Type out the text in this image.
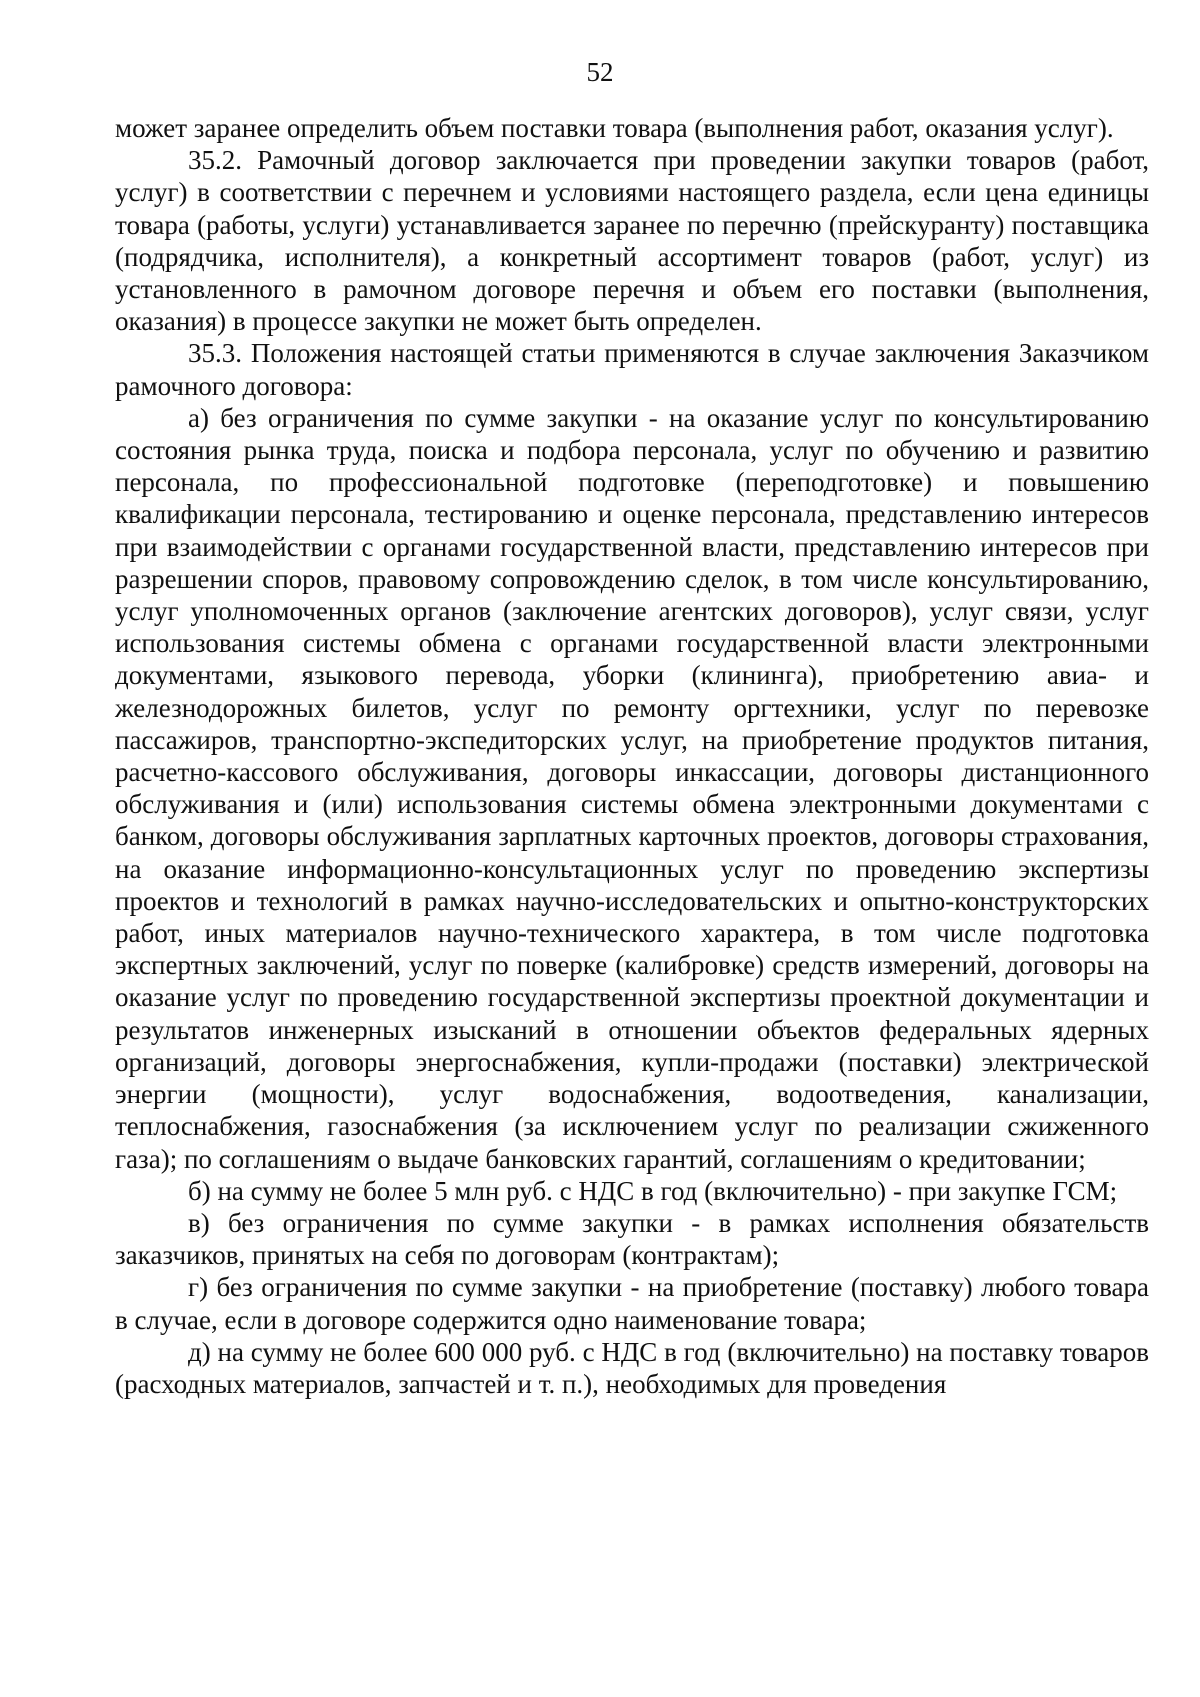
52

может заранее определить объем поставки товара (выполнения работ, оказания услуг).

35.2. Рамочный договор заключается при проведении закупки товаров (работ, услуг) в соответствии с перечнем и условиями настоящего раздела, если цена единицы товара (работы, услуги) устанавливается заранее по перечню (прейскуранту) поставщика (подрядчика, исполнителя), а конкретный ассортимент товаров (работ, услуг) из установленного в рамочном договоре перечня и объем его поставки (выполнения, оказания) в процессе закупки не может быть определен.

35.3. Положения настоящей статьи применяются в случае заключения Заказчиком рамочного договора:

а) без ограничения по сумме закупки - на оказание услуг по консультированию состояния рынка труда, поиска и подбора персонала, услуг по обучению и развитию персонала, по профессиональной подготовке (переподготовке) и повышению квалификации персонала, тестированию и оценке персонала, представлению интересов при взаимодействии с органами государственной власти, представлению интересов при разрешении споров, правовому сопровождению сделок, в том числе консультированию, услуг уполномоченных органов (заключение агентских договоров), услуг связи, услуг использования системы обмена с органами государственной власти электронными документами, языкового перевода, уборки (клининга), приобретению авиа- и железнодорожных билетов, услуг по ремонту оргтехники, услуг по перевозке пассажиров, транспортно-экспедиторских услуг, на приобретение продуктов питания, расчетно-кассового обслуживания, договоры инкассации, договоры дистанционного обслуживания и (или) использования системы обмена электронными документами с банком, договоры обслуживания зарплатных карточных проектов, договоры страхования, на оказание информационно-консультационных услуг по проведению экспертизы проектов и технологий в рамках научно-исследовательских и опытно-конструкторских работ, иных материалов научно-технического характера, в том числе подготовка экспертных заключений, услуг по поверке (калибровке) средств измерений, договоры на оказание услуг по проведению государственной экспертизы проектной документации и результатов инженерных изысканий в отношении объектов федеральных ядерных организаций, договоры энергоснабжения, купли-продажи (поставки) электрической энергии (мощности), услуг водоснабжения, водоотведения, канализации, теплоснабжения, газоснабжения (за исключением услуг по реализации сжиженного газа); по соглашениям о выдаче банковских гарантий, соглашениям о кредитовании;

б) на сумму не более 5 млн руб. с НДС в год (включительно) - при закупке ГСМ;

в) без ограничения по сумме закупки - в рамках исполнения обязательств заказчиков, принятых на себя по договорам (контрактам);

г) без ограничения по сумме закупки - на приобретение (поставку) любого товара в случае, если в договоре содержится одно наименование товара;

д) на сумму не более 600 000 руб. с НДС в год (включительно) на поставку товаров (расходных материалов, запчастей и т. п.), необходимых для проведения
